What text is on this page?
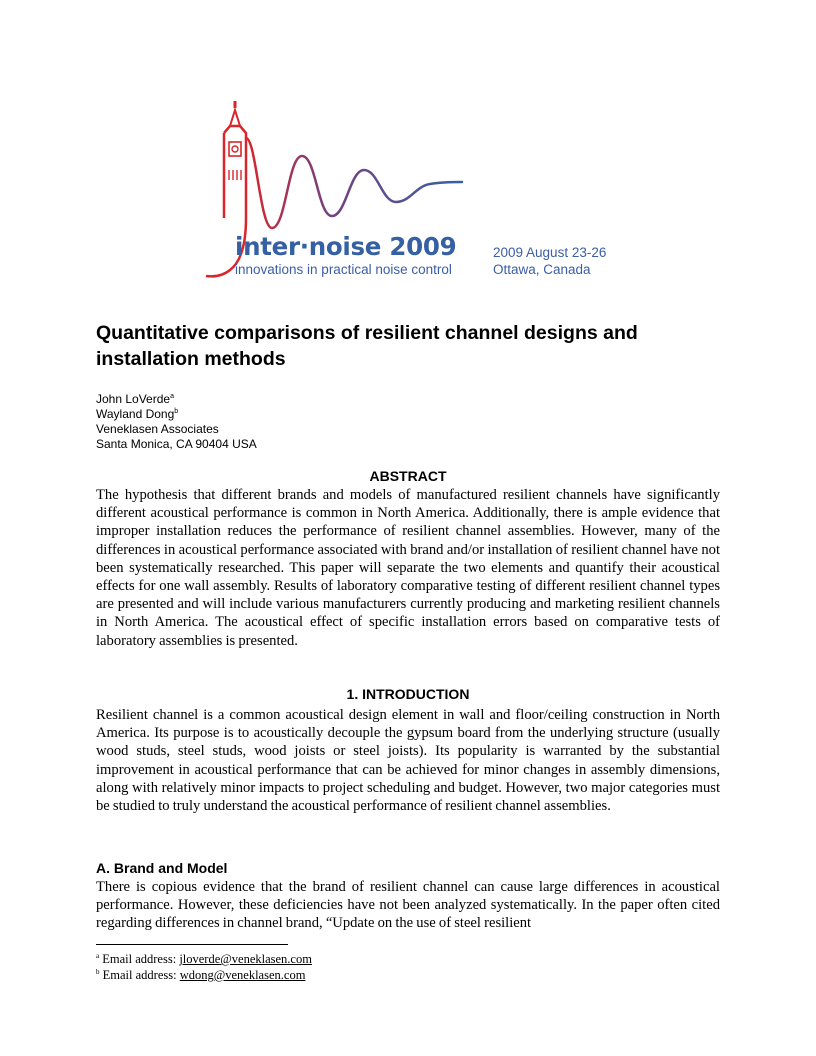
inter·noise 2009
innovations in practical noise control
2009 August 23-26
Ottawa, Canada
Quantitative comparisons of resilient channel designs and installation methods
John LoVerde$^a$
Wayland Dong$^b$
Veneklasen Associates
Santa Monica, CA 90404 USA
ABSTRACT

The hypothesis that different brands and models of manufactured resilient channels have significantly different acoustical performance is common in North America. Additionally, there is ample evidence that improper installation reduces the performance of resilient channel assemblies. However, many of the differences in acoustical performance associated with brand and/or installation of resilient channel have not been systematically researched. This paper will separate the two elements and quantify their acoustical effects for one wall assembly. Results of laboratory comparative testing of different resilient channel types are presented and will include various manufacturers currently producing and marketing resilient channels in North America. The acoustical effect of specific installation errors based on comparative tests of laboratory assemblies is presented.

1. INTRODUCTION

Resilient channel is a common acoustical design element in wall and floor/ceiling construction in North America. Its purpose is to acoustically decouple the gypsum board from the underlying structure (usually wood studs, steel studs, wood joists or steel joists). Its popularity is warranted by the substantial improvement in acoustical performance that can be achieved for minor changes in assembly dimensions, along with relatively minor impacts to project scheduling and budget. However, two major categories must be studied to truly understand the acoustical performance of resilient channel assemblies.

A. Brand and Model

There is copious evidence that the brand of resilient channel can cause large differences in acoustical performance. However, these deficiencies have not been analyzed systematically. In the paper often cited regarding differences in channel brand, “Update on the use of steel resilient

$^a$ Email address: jloverde@veneklasen.com
$^b$ Email address: wdong@veneklasen.com
